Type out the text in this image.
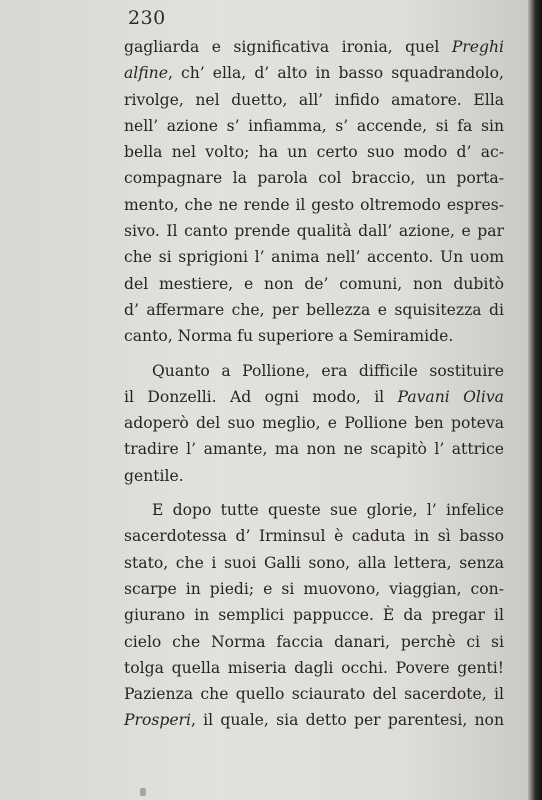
230
gagliarda e significativa ironia, quel Preghi
alfine, ch’ ella, d’ alto in basso squadrandolo,
rivolge, nel duetto, all’ infido amatore. Ella
nell’ azione s’ infiamma, s’ accende, si fa sin
bella nel volto; ha un certo suo modo d’ ac-
compagnare la parola col braccio, un porta-
mento, che ne rende il gesto oltremodo espres-
sivo. Il canto prende qualità dall’ azione, e par
che si sprigioni l’ anima nell’ accento. Un uom
del mestiere, e non de’ comuni, non dubitò
d’ affermare che, per bellezza e squisitezza di
canto, Norma fu superiore a Semiramide.
Quanto a Pollione, era difficile sostituire
il Donzelli. Ad ogni modo, il Pavani Oliva
adoperò del suo meglio, e Pollione ben poteva
tradire l’ amante, ma non ne scapitò l’ attrice
gentile.
E dopo tutte queste sue glorie, l’ infelice
sacerdotessa d’ Irminsul è caduta in sì basso
stato, che i suoi Galli sono, alla lettera, senza
scarpe in piedi; e si muovono, viaggian, con-
giurano in semplici pappucce. È da pregar il
cielo che Norma faccia danari, perchè ci si
tolga quella miseria dagli occhi. Povere genti!
Pazienza che quello sciaurato del sacerdote, il
Prosperi, il quale, sia detto per parentesi, non
